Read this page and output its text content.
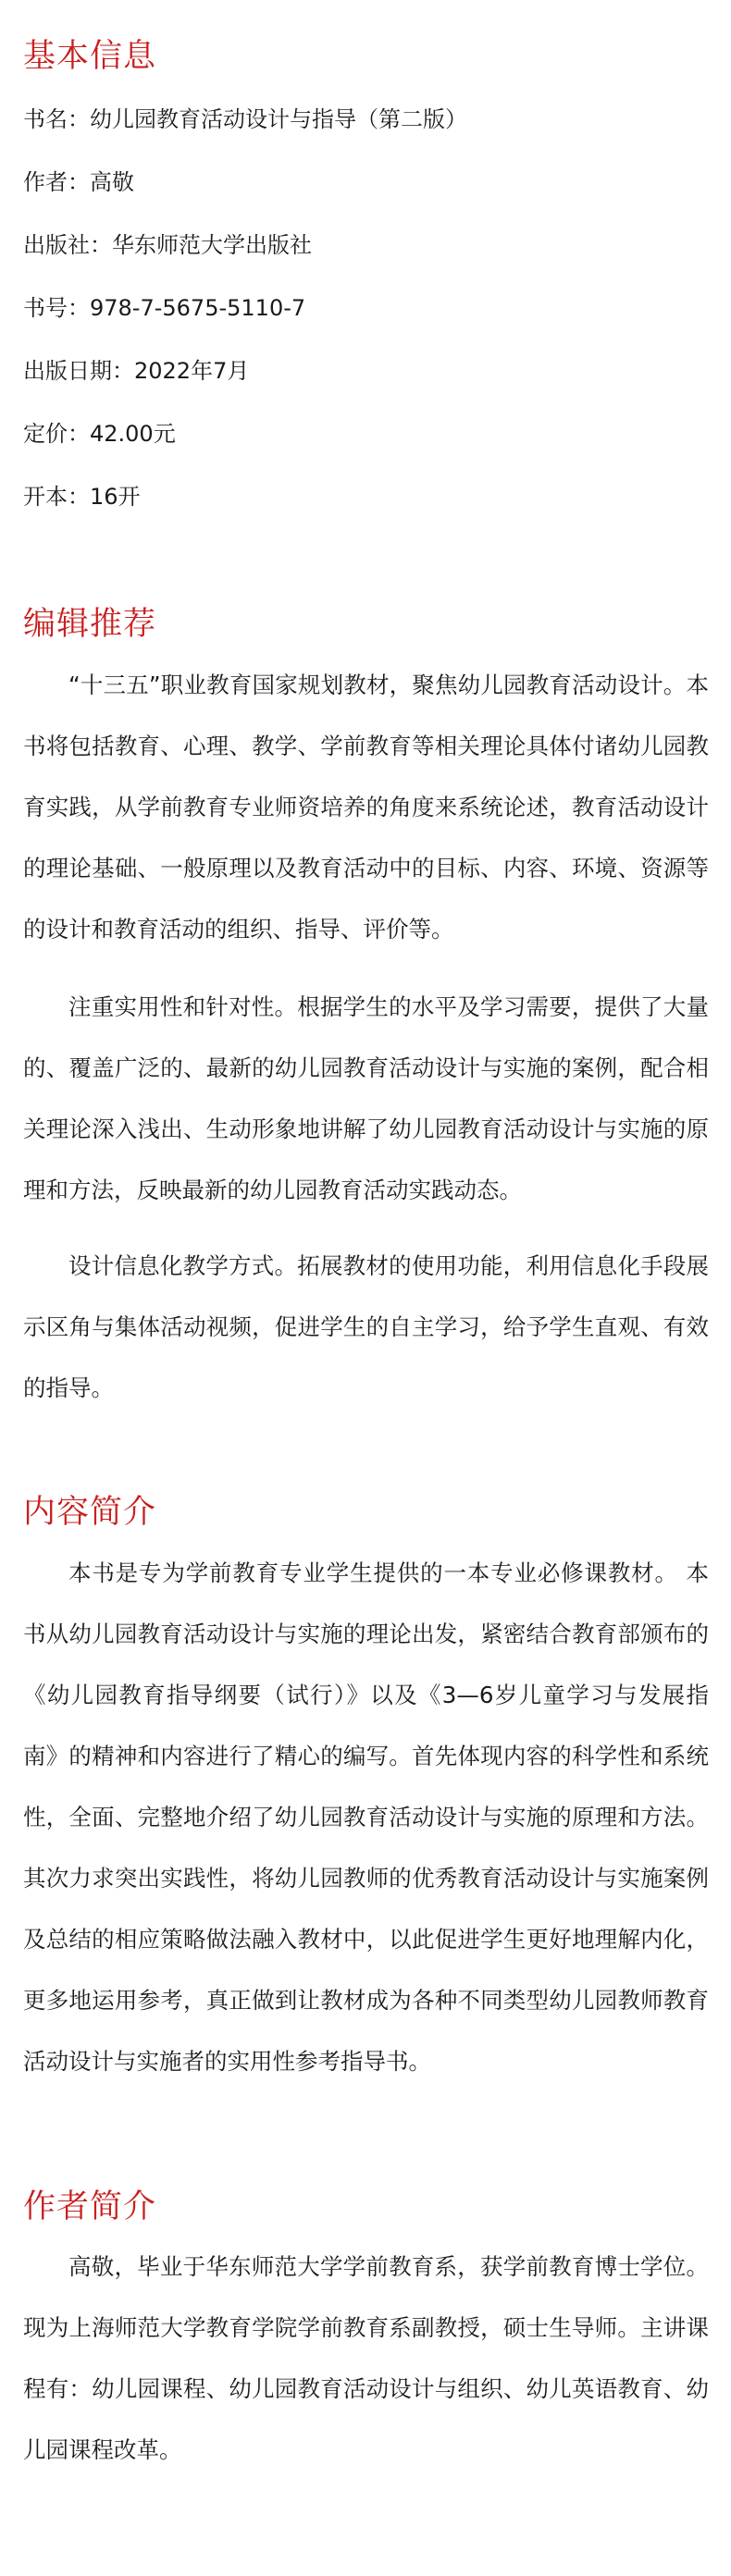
基本信息
书名：幼儿园教育活动设计与指导（第二版）
作者：高敬
出版社：华东师范大学出版社
书号：978-7-5675-5110-7
出版日期：2022年7月
定价：42.00元
开本：16开
编辑推荐

“十三五”职业教育国家规划教材，聚焦幼儿园教育活动设计。本书将包括教育、心理、教学、学前教育等相关理论具体付诸幼儿园教育实践，从学前教育专业师资培养的角度来系统论述，教育活动设计的理论基础、一般原理以及教育活动中的目标、内容、环境、资源等的设计和教育活动的组织、指导、评价等。

注重实用性和针对性。根据学生的水平及学习需要，提供了大量的、覆盖广泛的、最新的幼儿园教育活动设计与实施的案例，配合相关理论深入浅出、生动形象地讲解了幼儿园教育活动设计与实施的原理和方法，反映最新的幼儿园教育活动实践动态。

设计信息化教学方式。拓展教材的使用功能，利用信息化手段展示区角与集体活动视频，促进学生的自主学习，给予学生直观、有效的指导。

内容简介

本书是专为学前教育专业学生提供的一本专业必修课教材。 本书从幼儿园教育活动设计与实施的理论出发，紧密结合教育部颁布的《幼儿园教育指导纲要（试行）》以及《3—6岁儿童学习与发展指南》的精神和内容进行了精心的编写。首先体现内容的科学性和系统性，全面、完整地介绍了幼儿园教育活动设计与实施的原理和方法。其次力求突出实践性，将幼儿园教师的优秀教育活动设计与实施案例及总结的相应策略做法融入教材中，以此促进学生更好地理解内化，更多地运用参考，真正做到让教材成为各种不同类型幼儿园教师教育活动设计与实施者的实用性参考指导书。

作者简介

高敬，毕业于华东师范大学学前教育系，获学前教育博士学位。现为上海师范大学教育学院学前教育系副教授，硕士生导师。主讲课程有：幼儿园课程、幼儿园教育活动设计与组织、幼儿英语教育、幼儿园课程改革。
